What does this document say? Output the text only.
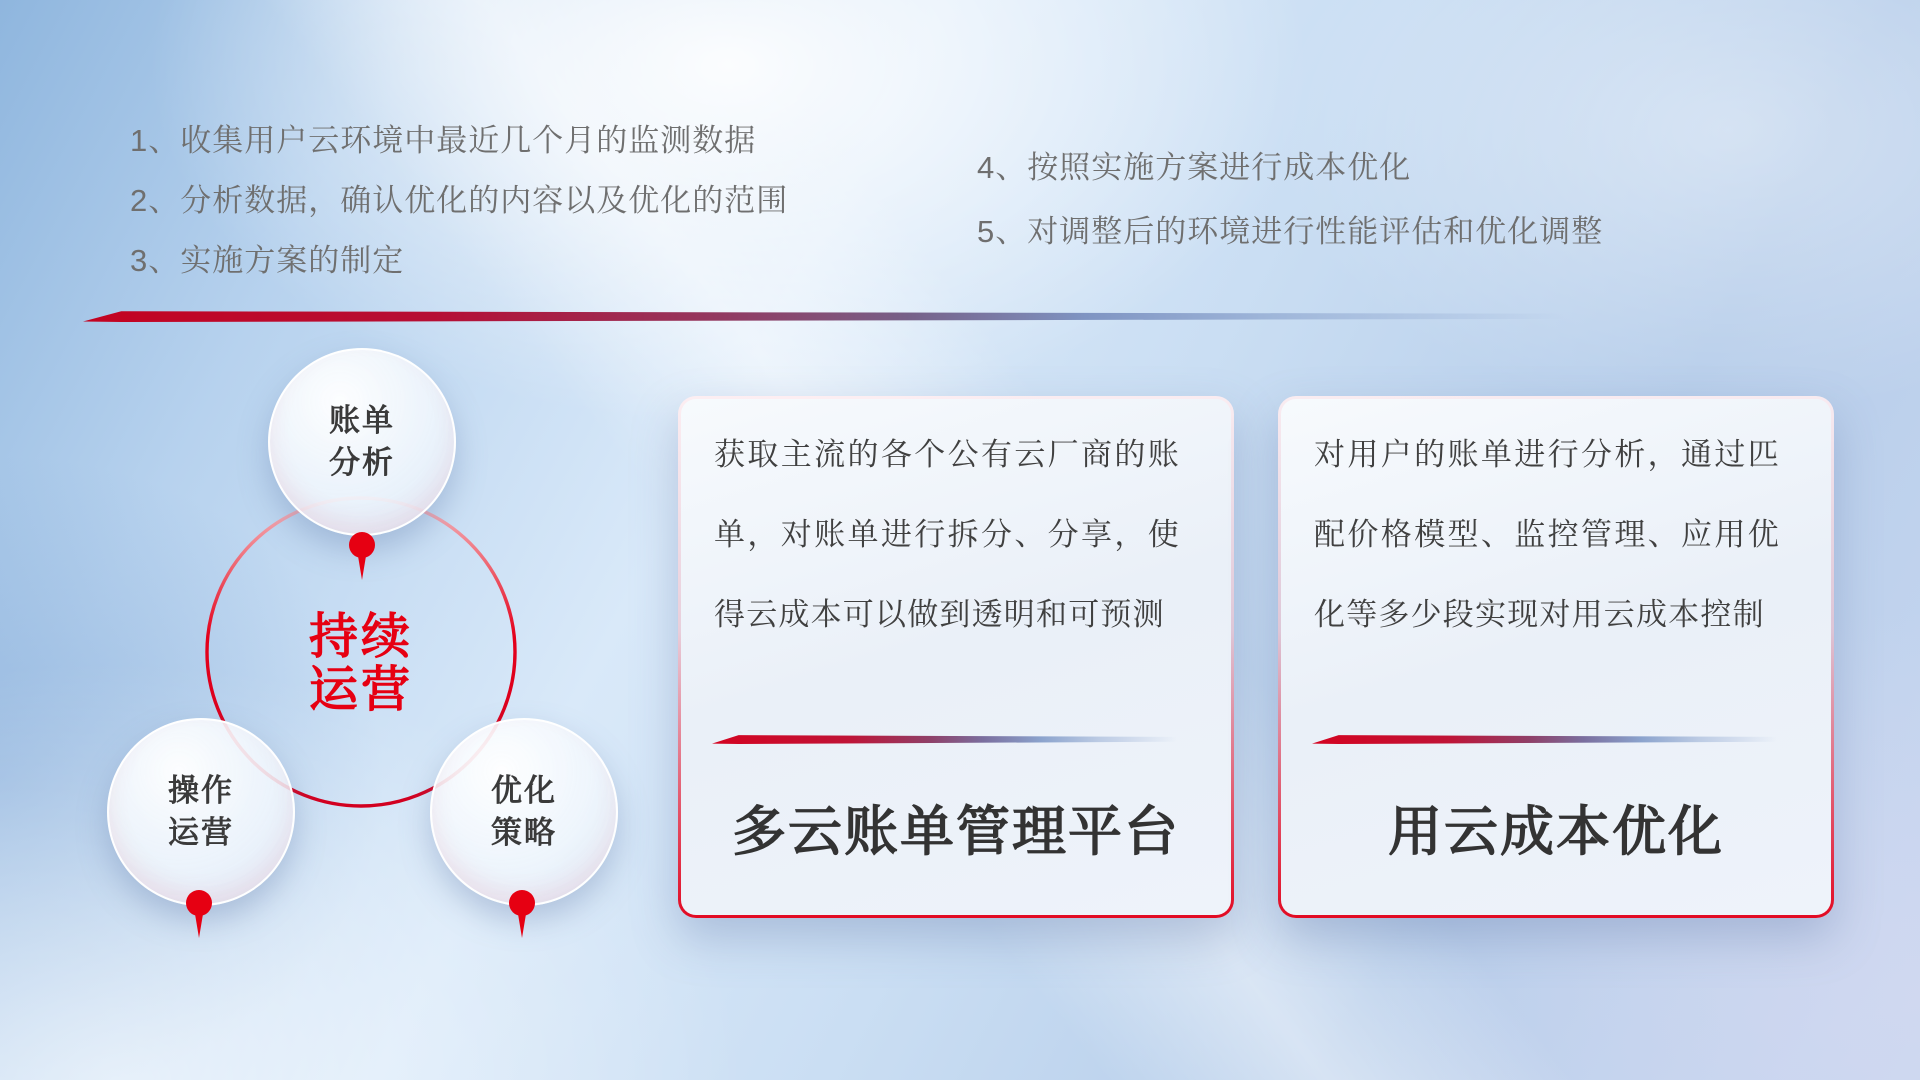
1、收集用户云环境中最近几个月的监测数据
2、分析数据，确认优化的内容以及优化的范围
3、实施方案的制定
4、按照实施方案进行成本优化
5、对调整后的环境进行性能评估和优化调整
账单
分析
操作
运营
优化
策略
持续
运营

获取主流的各个公有云厂商的账单，对账单进行拆分、分享，使得云成本可以做到透明和可预测

多云账单管理平台

对用户的账单进行分析，通过匹配价格模型、监控管理、应用优化等多少段实现对用云成本控制

用云成本优化
